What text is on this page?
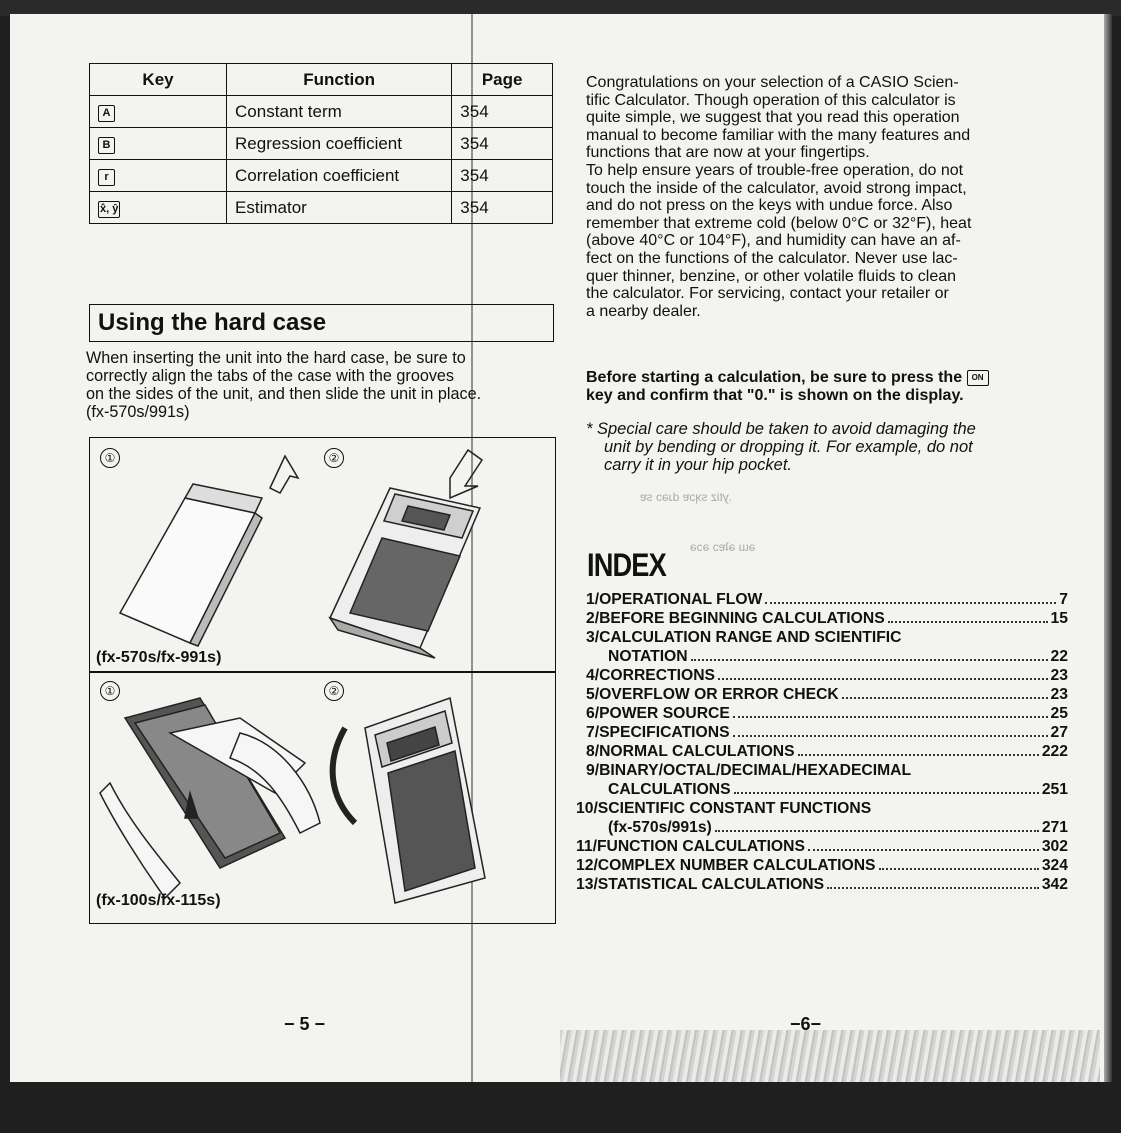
Key	Function	Page
A	Constant term	354
B	Regression coefficient	354
r	Correlation coefficient	354
x̂, ŷ	Estimator	354
Using the hard case

When inserting the unit into the hard case, be sure to

correctly align the tabs of the case with the grooves

on the sides of the unit, and then slide the unit in place.

(fx-570s/991s)

①	②
(fx-570s/fx-991s)
①	②
(fx-100s/fx-115s)
− 5 −

Congratulations on your selection of a CASIO Scien-

tific Calculator. Though operation of this calculator is

quite simple, we suggest that you read this operation

manual to become familiar with the many features and

functions that are now at your fingertips.

To help ensure years of trouble-free operation, do not

touch the inside of the calculator, avoid strong impact,

and do not press on the keys with undue force. Also

remember that extreme cold (below 0°C or 32°F), heat

(above 40°C or 104°F), and humidity can have an af-

fect on the functions of the calculator. Never use lac-

quer thinner, benzine, or other volatile fluids to clean

the calculator. For servicing, contact your retailer or

a nearby dealer.

Before starting a calculation, be sure to press the ON
key and confirm that "0." is shown on the display.
* Special care should be taken to avoid damaging the
unit by bending or dropping it. For example, do not
carry it in your hip pocket.
.ytiz sʞɔɐ dɹǝɔ sɐ
ǝɯ ǝʇɐɔ ǝɔǝ
INDEX
1/OPERATIONAL FLOW	7
2/BEFORE BEGINNING CALCULATIONS	15
3/CALCULATION RANGE AND SCIENTIFIC
NOTATION	22
4/CORRECTIONS	23
5/OVERFLOW OR ERROR CHECK	23
6/POWER SOURCE	25
7/SPECIFICATIONS	27
8/NORMAL CALCULATIONS	222
9/BINARY/OCTAL/DECIMAL/HEXADECIMAL
CALCULATIONS	251
10/SCIENTIFIC CONSTANT FUNCTIONS
(fx-570s/991s)	271
11/FUNCTION CALCULATIONS	302
12/COMPLEX NUMBER CALCULATIONS	324
13/STATISTICAL CALCULATIONS	342
−6−
